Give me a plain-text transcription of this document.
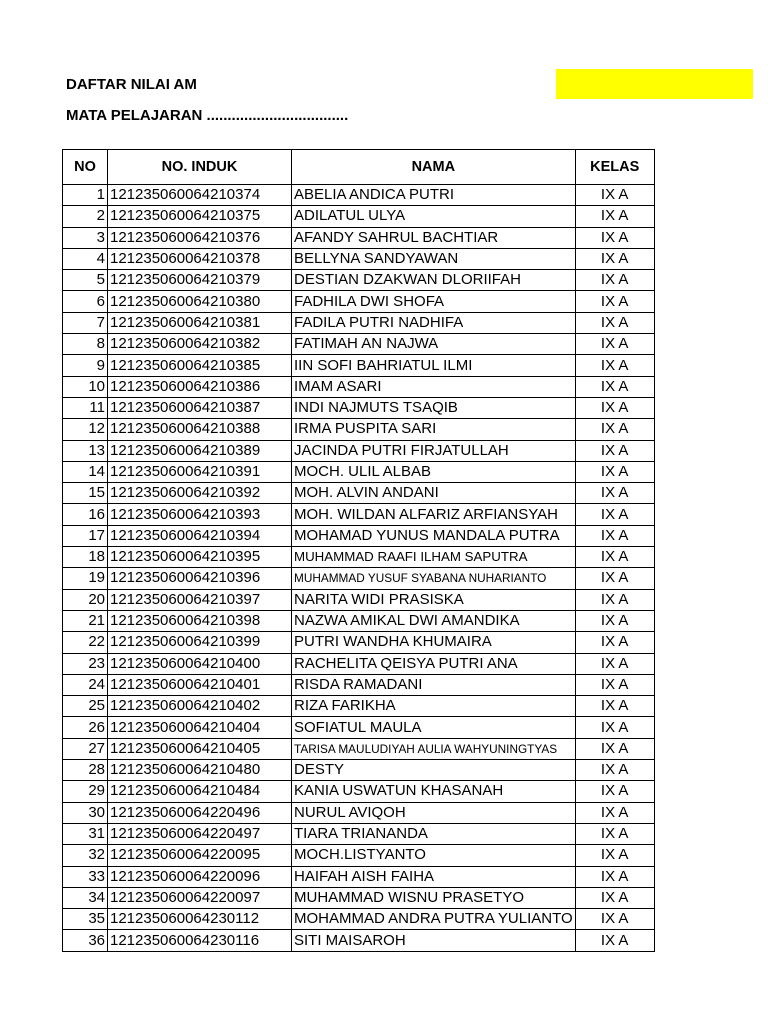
DAFTAR NILAI AM
MATA PELAJARAN ..................................
NO	NO. INDUK	NAMA	KELAS
1	121235060064210374	ABELIA ANDICA PUTRI	IX A
2	121235060064210375	ADILATUL ULYA	IX A
3	121235060064210376	AFANDY SAHRUL BACHTIAR	IX A
4	121235060064210378	BELLYNA SANDYAWAN	IX A
5	121235060064210379	DESTIAN DZAKWAN DLORIIFAH	IX A
6	121235060064210380	FADHILA DWI SHOFA	IX A
7	121235060064210381	FADILA PUTRI NADHIFA	IX A
8	121235060064210382	FATIMAH AN NAJWA	IX A
9	121235060064210385	IIN SOFI BAHRIATUL ILMI	IX A
10	121235060064210386	IMAM ASARI	IX A
11	121235060064210387	INDI NAJMUTS TSAQIB	IX A
12	121235060064210388	IRMA PUSPITA SARI	IX A
13	121235060064210389	JACINDA PUTRI FIRJATULLAH	IX A
14	121235060064210391	MOCH. ULIL ALBAB	IX A
15	121235060064210392	MOH. ALVIN ANDANI	IX A
16	121235060064210393	MOH. WILDAN ALFARIZ ARFIANSYAH	IX A
17	121235060064210394	MOHAMAD YUNUS MANDALA PUTRA	IX A
18	121235060064210395	MUHAMMAD RAAFI ILHAM SAPUTRA	IX A
19	121235060064210396	MUHAMMAD YUSUF SYABANA NUHARIANTO	IX A
20	121235060064210397	NARITA WIDI PRASISKA	IX A
21	121235060064210398	NAZWA AMIKAL DWI AMANDIKA	IX A
22	121235060064210399	PUTRI WANDHA KHUMAIRA	IX A
23	121235060064210400	RACHELITA QEISYA PUTRI ANA	IX A
24	121235060064210401	RISDA RAMADANI	IX A
25	121235060064210402	RIZA FARIKHA	IX A
26	121235060064210404	SOFIATUL MAULA	IX A
27	121235060064210405	TARISA MAULUDIYAH AULIA WAHYUNINGTYAS	IX A
28	121235060064210480	DESTY	IX A
29	121235060064210484	KANIA USWATUN KHASANAH	IX A
30	121235060064220496	NURUL AVIQOH	IX A
31	121235060064220497	TIARA TRIANANDA	IX A
32	121235060064220095	MOCH.LISTYANTO	IX A
33	121235060064220096	HAIFAH AISH FAIHA	IX A
34	121235060064220097	MUHAMMAD WISNU PRASETYO	IX A
35	121235060064230112	MOHAMMAD ANDRA PUTRA YULIANTO	IX A
36	121235060064230116	SITI MAISAROH	IX A
